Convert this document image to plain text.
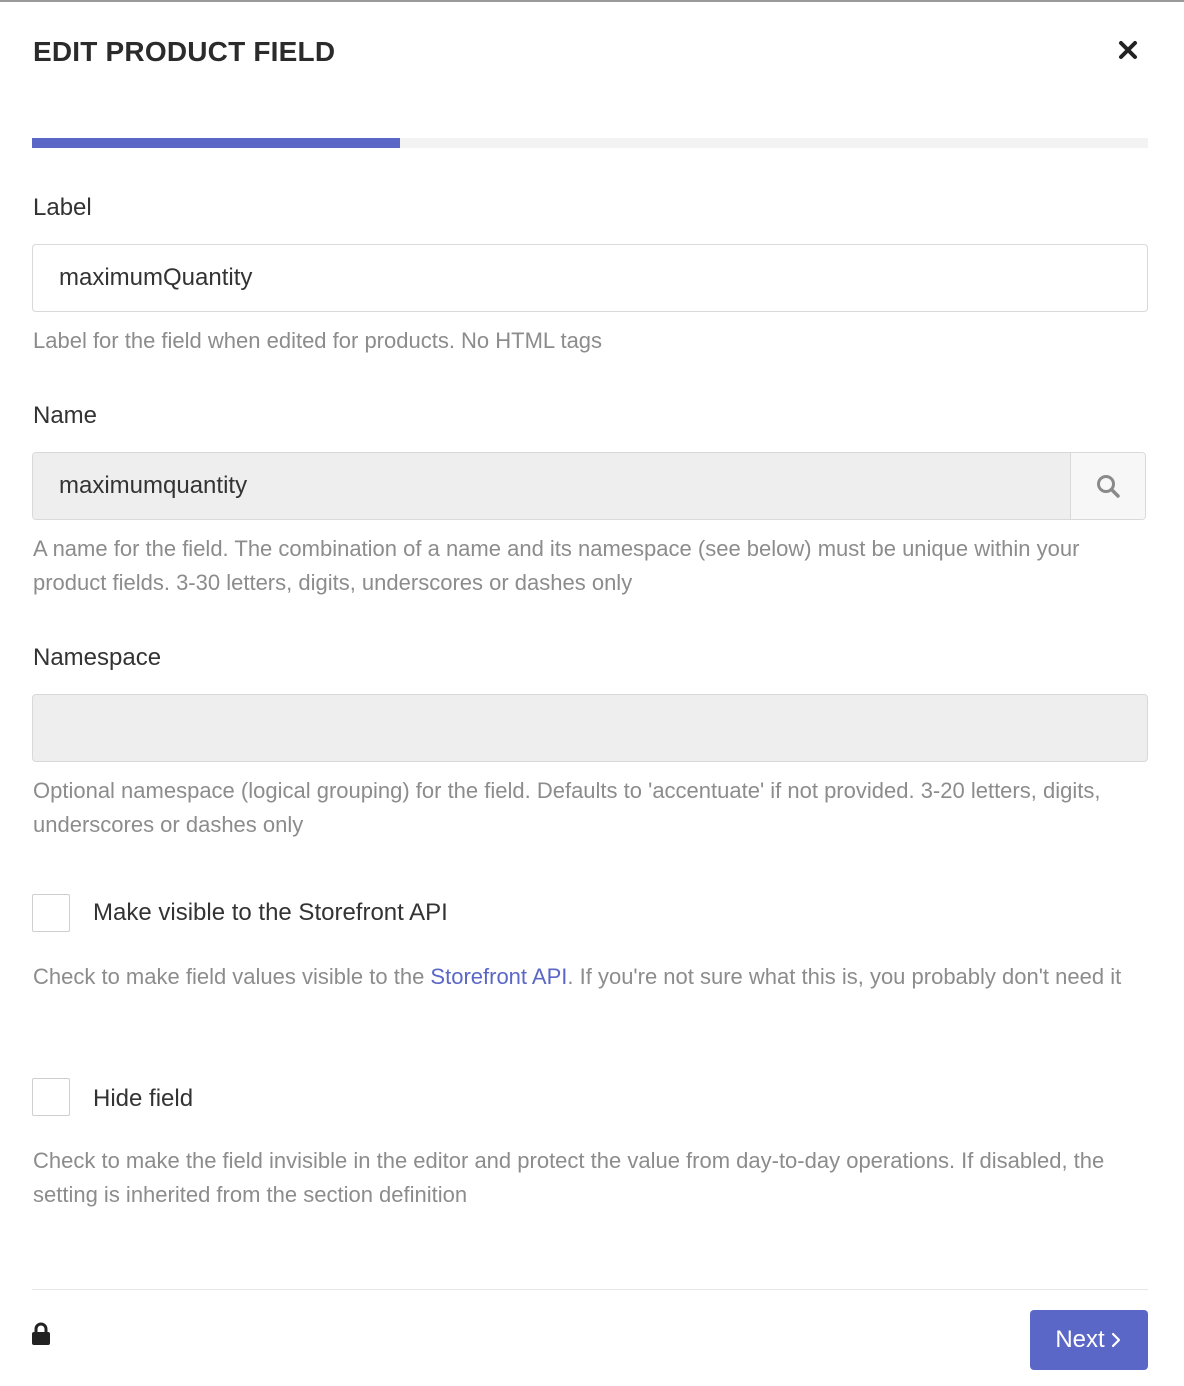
EDIT PRODUCT FIELD
Label
maximumQuantity
Label for the field when edited for products. No HTML tags
Name
maximumquantity
A name for the field. The combination of a name and its namespace (see below) must be unique within your product fields. 3-30 letters, digits, underscores or dashes only
Namespace
Optional namespace (logical grouping) for the field. Defaults to 'accentuate' if not provided. 3-20 letters, digits, underscores or dashes only
Make visible to the Storefront API
Check to make field values visible to the Storefront API. If you're not sure what this is, you probably don't need it
Hide field
Check to make the field invisible in the editor and protect the value from day-to-day operations. If disabled, the setting is inherited from the section definition
Next
